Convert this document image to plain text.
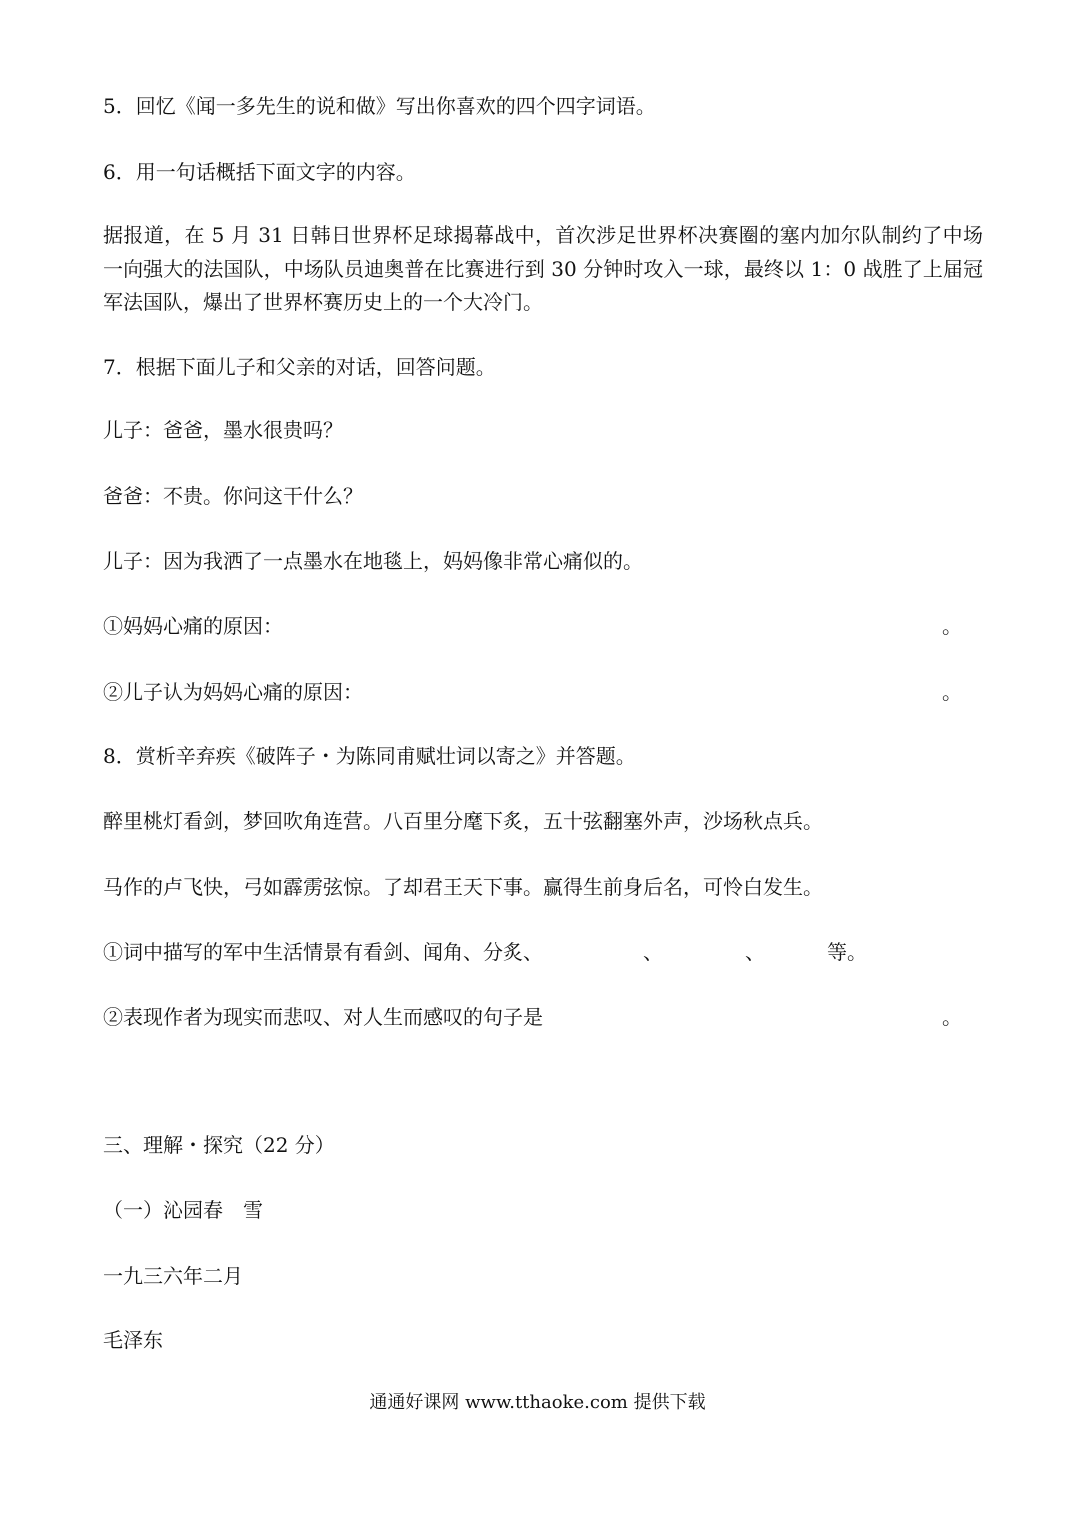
5．回忆《闻一多先生的说和做》写出你喜欢的四个四字词语。
6．用一句话概括下面文字的内容。
据报道，在 5 月 31 日韩日世界杯足球揭幕战中，首次涉足世界杯决赛圈的塞内加尔队制约了中场一向强大的法国队，中场队员迪奥普在比赛进行到 30 分钟时攻入一球，最终以 1：0 战胜了上届冠军法国队，爆出了世界杯赛历史上的一个大冷门。
7．根据下面儿子和父亲的对话，回答问题。
儿子：爸爸，墨水很贵吗？
爸爸：不贵。你问这干什么？
儿子：因为我洒了一点墨水在地毯上，妈妈像非常心痛似的。
①妈妈心痛的原因：	。
②儿子认为妈妈心痛的原因：	。
8．赏析辛弃疾《破阵子・为陈同甫赋壮词以寄之》并答题。
醉里桃灯看剑，梦回吹角连营。八百里分麾下炙，五十弦翻塞外声，沙场秋点兵。
马作的卢飞快，弓如霹雳弦惊。了却君王天下事。赢得生前身后名，可怜白发生。
①词中描写的军中生活情景有看剑、闻角、分炙、	、	、	等。
②表现作者为现实而悲叹、对人生而感叹的句子是	。
三、理解・探究（22 分）
（一）沁园春　雪
一九三六年二月
毛泽东
通通好课网 www.tthaoke.com 提供下载
